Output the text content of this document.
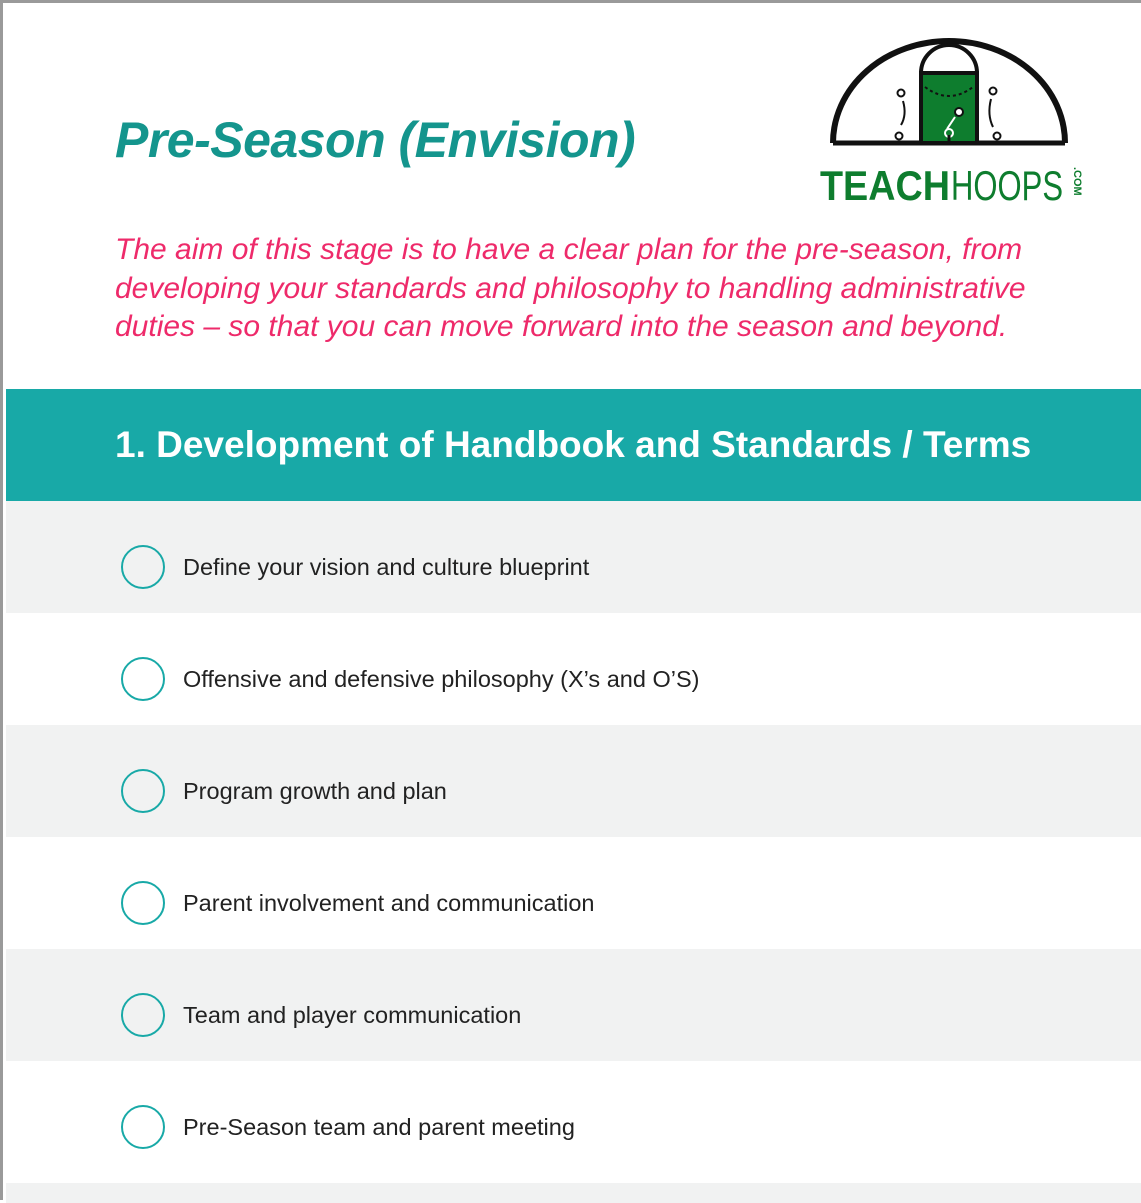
Pre-Season (Envision)
TEACH HOOPS .COM

The aim of this stage is to have a clear plan for the pre-season, from developing your standards and philosophy to handling administrative duties – so that you can move forward into the season and beyond.

1. Development of Handbook and Standards / Terms
Define your vision and culture blueprint
Offensive and defensive philosophy (X’s and O’S)
Program growth and plan
Parent involvement and communication
Team and player communication
Pre-Season team and parent meeting
